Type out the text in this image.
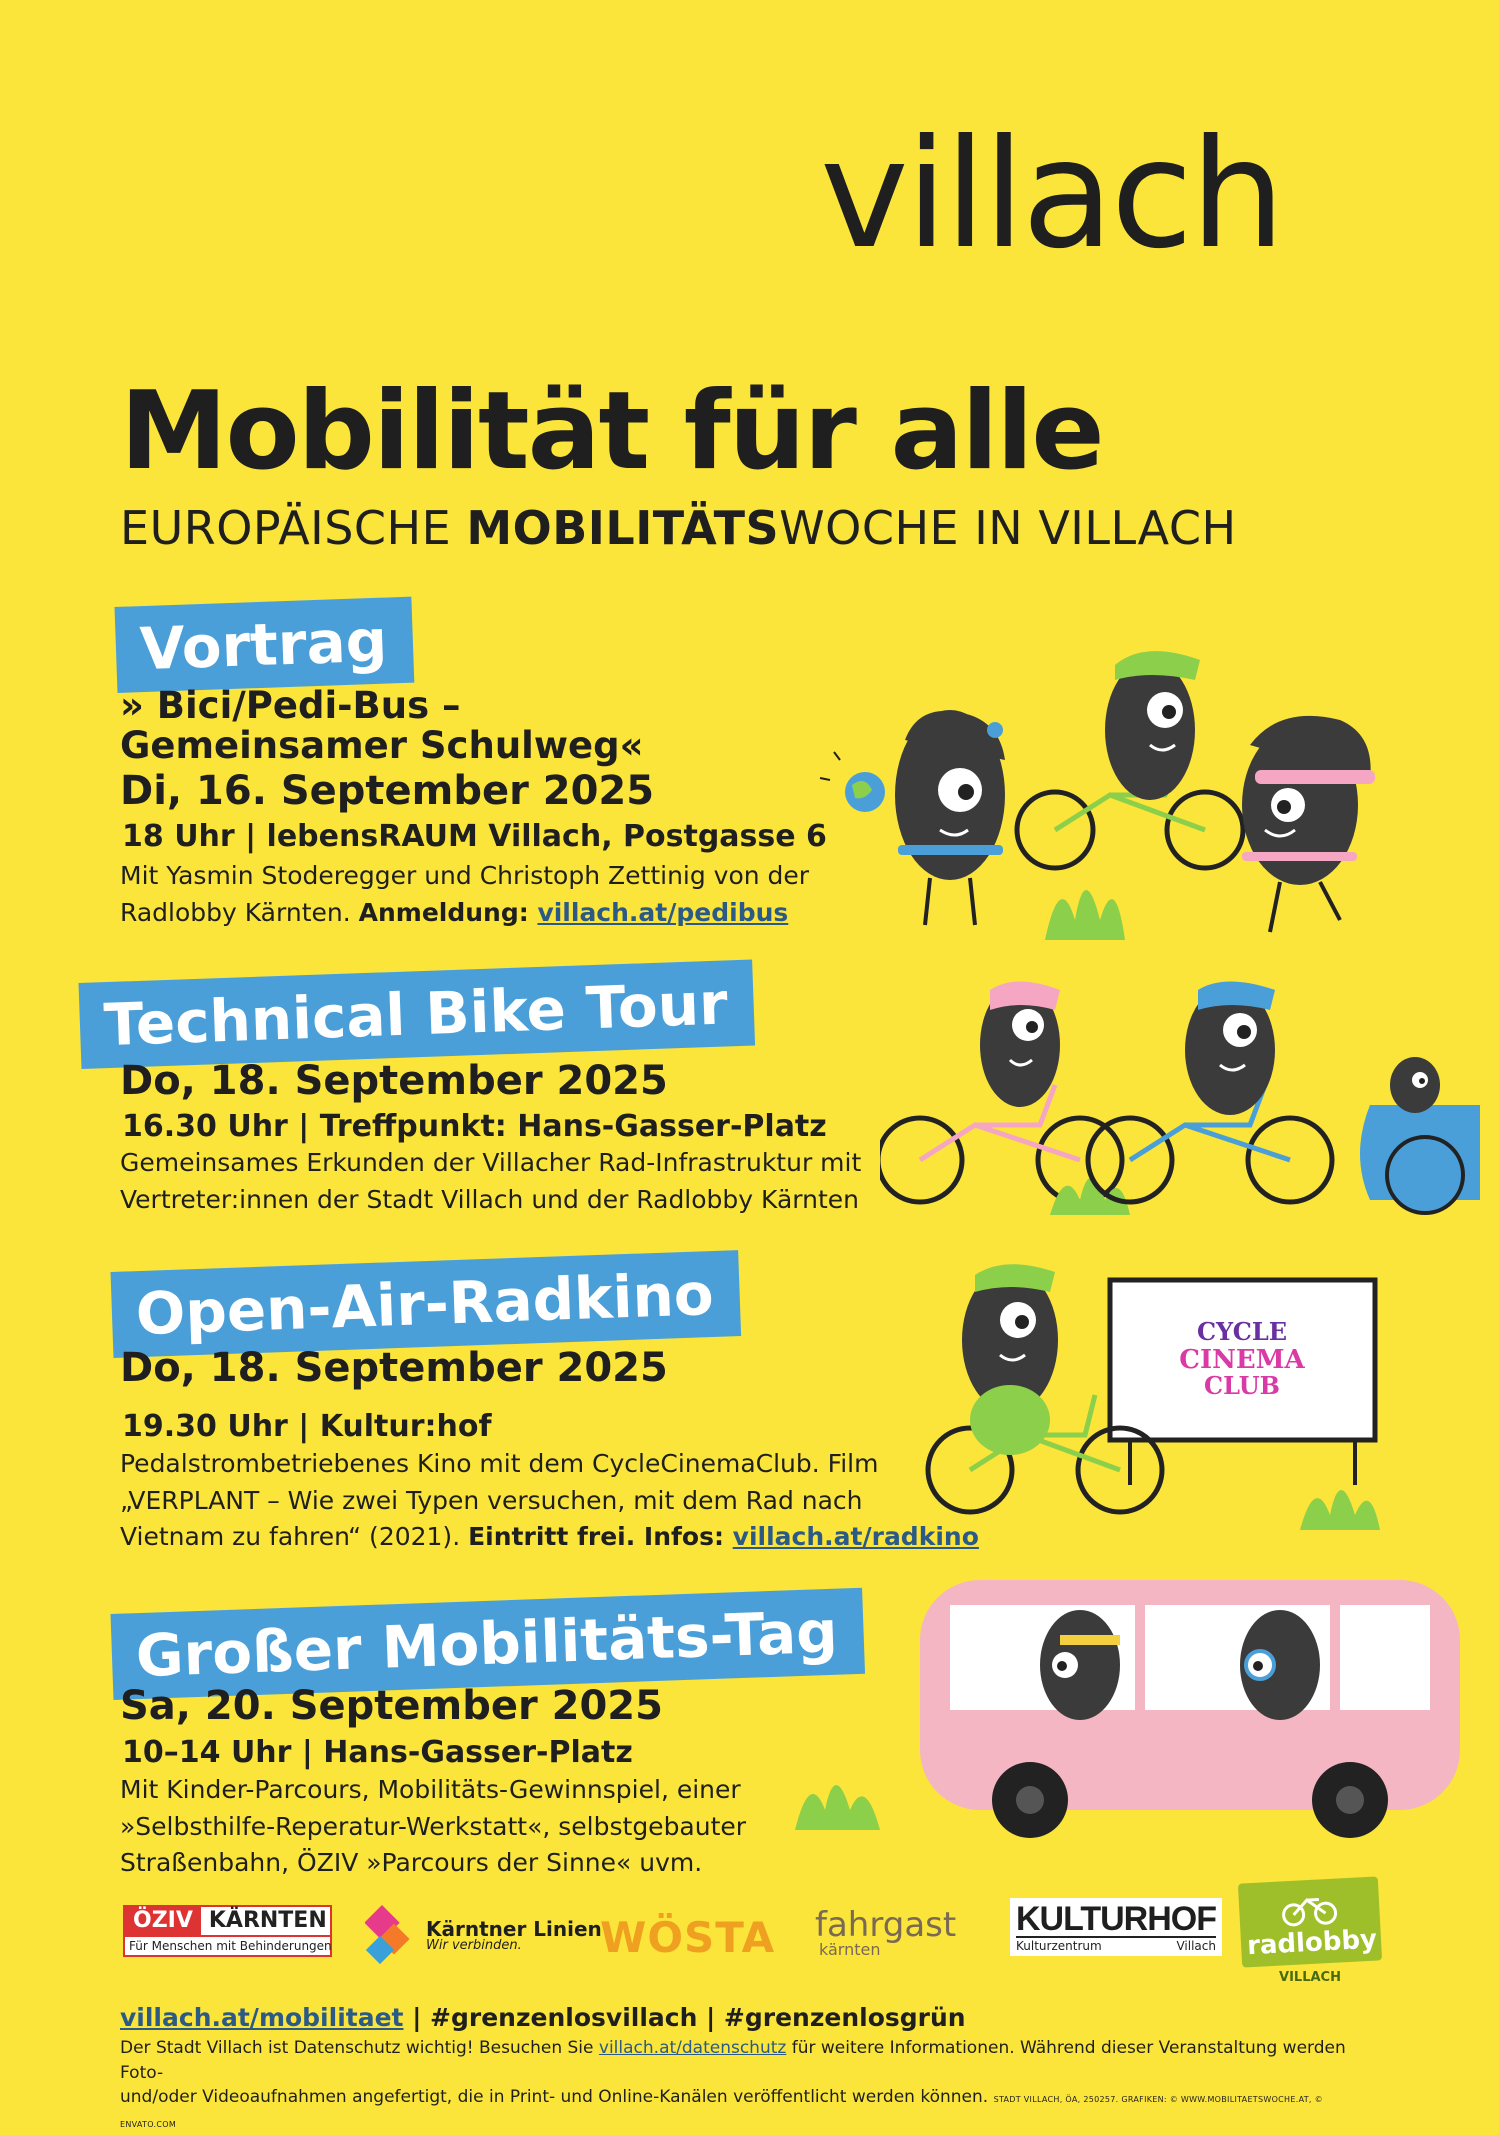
villach
Mobilität für alle
EUROPÄISCHE MOBILITÄTSWOCHE IN VILLACH
Vortrag
» Bici/Pedi-Bus –
Gemeinsamer Schulweg«
Di, 16. September 2025
18 Uhr | lebensRAUM Villach, Postgasse 6
Mit Yasmin Stoderegger und Christoph Zettinig von der
Radlobby Kärnten. Anmeldung: villach.at/pedibus
Technical Bike Tour
Do, 18. September 2025
16.30 Uhr | Treffpunkt: Hans-Gasser-Platz
Gemeinsames Erkunden der Villacher Rad-Infrastruktur mit
Vertreter:innen der Stadt Villach und der Radlobby Kärnten
Open-Air-Radkino
Do, 18. September 2025
19.30 Uhr | Kultur:hof
Pedalstrombetriebenes Kino mit dem CycleCinemaClub. Film
„VERPLANT – Wie zwei Typen versuchen, mit dem Rad nach
Vietnam zu fahren“ (2021). Eintritt frei. Infos: villach.at/radkino
Großer Mobilitäts-Tag
Sa, 20. September 2025
10–14 Uhr | Hans-Gasser-Platz
Mit Kinder-Parcours, Mobilitäts-Gewinnspiel, einer
»Selbsthilfe-Reperatur-Werkstatt«, selbstgebauter
Straßenbahn, ÖZIV »Parcours der Sinne« uvm.
CYCLE
CINEMA
CLUB
ÖZIV KÄRNTEN
Für Menschen mit Behinderungen
Kärntner Linien
Wir verbinden.	WÖSTA fahrgast
kärnten
KULTURHOF
Kulturzentrum	Villach radlobby
VILLACH
villach.at/mobilitaet | #grenzenlosvillach | #grenzenlosgrün
Der Stadt Villach ist Datenschutz wichtig! Besuchen Sie villach.at/datenschutz für weitere Informationen. Während dieser Veranstaltung werden Foto-
und/oder Videoaufnahmen angefertigt, die in Print- und Online-Kanälen veröffentlicht werden können. STADT VILLACH, ÖA, 250257. GRAFIKEN: © WWW.MOBILITAETSWOCHE.AT, © ENVATO.COM
